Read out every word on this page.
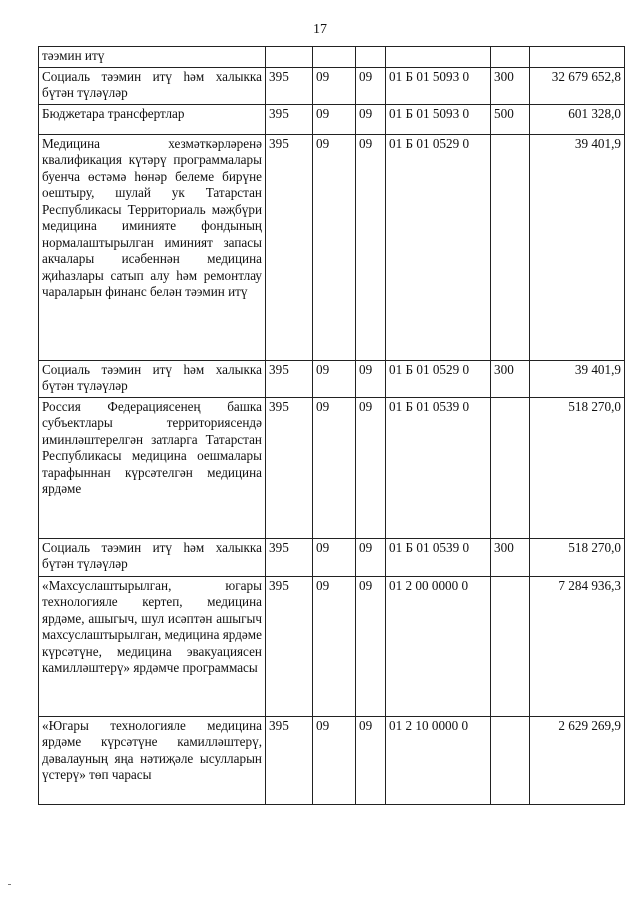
17
тәэмин итү						
Социаль тәэмин итү һәм халыкка бүтән түләүләр	395	09	09	01 Б 01 5093 0	300	32 679 652,8
Бюджетара трансфертлар	395	09	09	01 Б 01 5093 0	500	601 328,0
Медицина хезмәткәрләренә квалификация күтәрү программалары буенча өстәмә һөнәр белеме бирүне оештыру, шулай ук Татарстан Республикасы Территориаль мәҗбүри медицина иминияте фондының нормалаштырылган иминият запасы акчалары исәбеннән медицина җиһазлары сатып алу һәм ремонтлау чараларын финанс белән тәэмин итү	395	09	09	01 Б 01 0529 0		39 401,9
Социаль тәэмин итү һәм халыкка бүтән түләүләр	395	09	09	01 Б 01 0529 0	300	39 401,9
Россия Федерациясенең башка субъектлары территориясендә иминләштерелгән затларга Татарстан Республикасы медицина оешмалары тарафыннан күрсәтелгән медицина ярдәме	395	09	09	01 Б 01 0539 0		518 270,0
Социаль тәэмин итү һәм халыкка бүтән түләүләр	395	09	09	01 Б 01 0539 0	300	518 270,0
«Махсуслаштырылган, югары технологияле кертеп, медицина ярдәме, ашыгыч, шул исәптән ашыгыч махсуслаштырылган, медицина ярдәме күрсәтүне, медицина эвакуациясен камилләштерү» ярдәмче программасы	395	09	09	01 2 00 0000 0		7 284 936,3
«Югары технологияле медицина ярдәме күрсәтүне камилләштерү, дәвалауның яңа нәтиҗәле ысулларын үстерү» төп чарасы	395	09	09	01 2 10 0000 0		2 629 269,9
